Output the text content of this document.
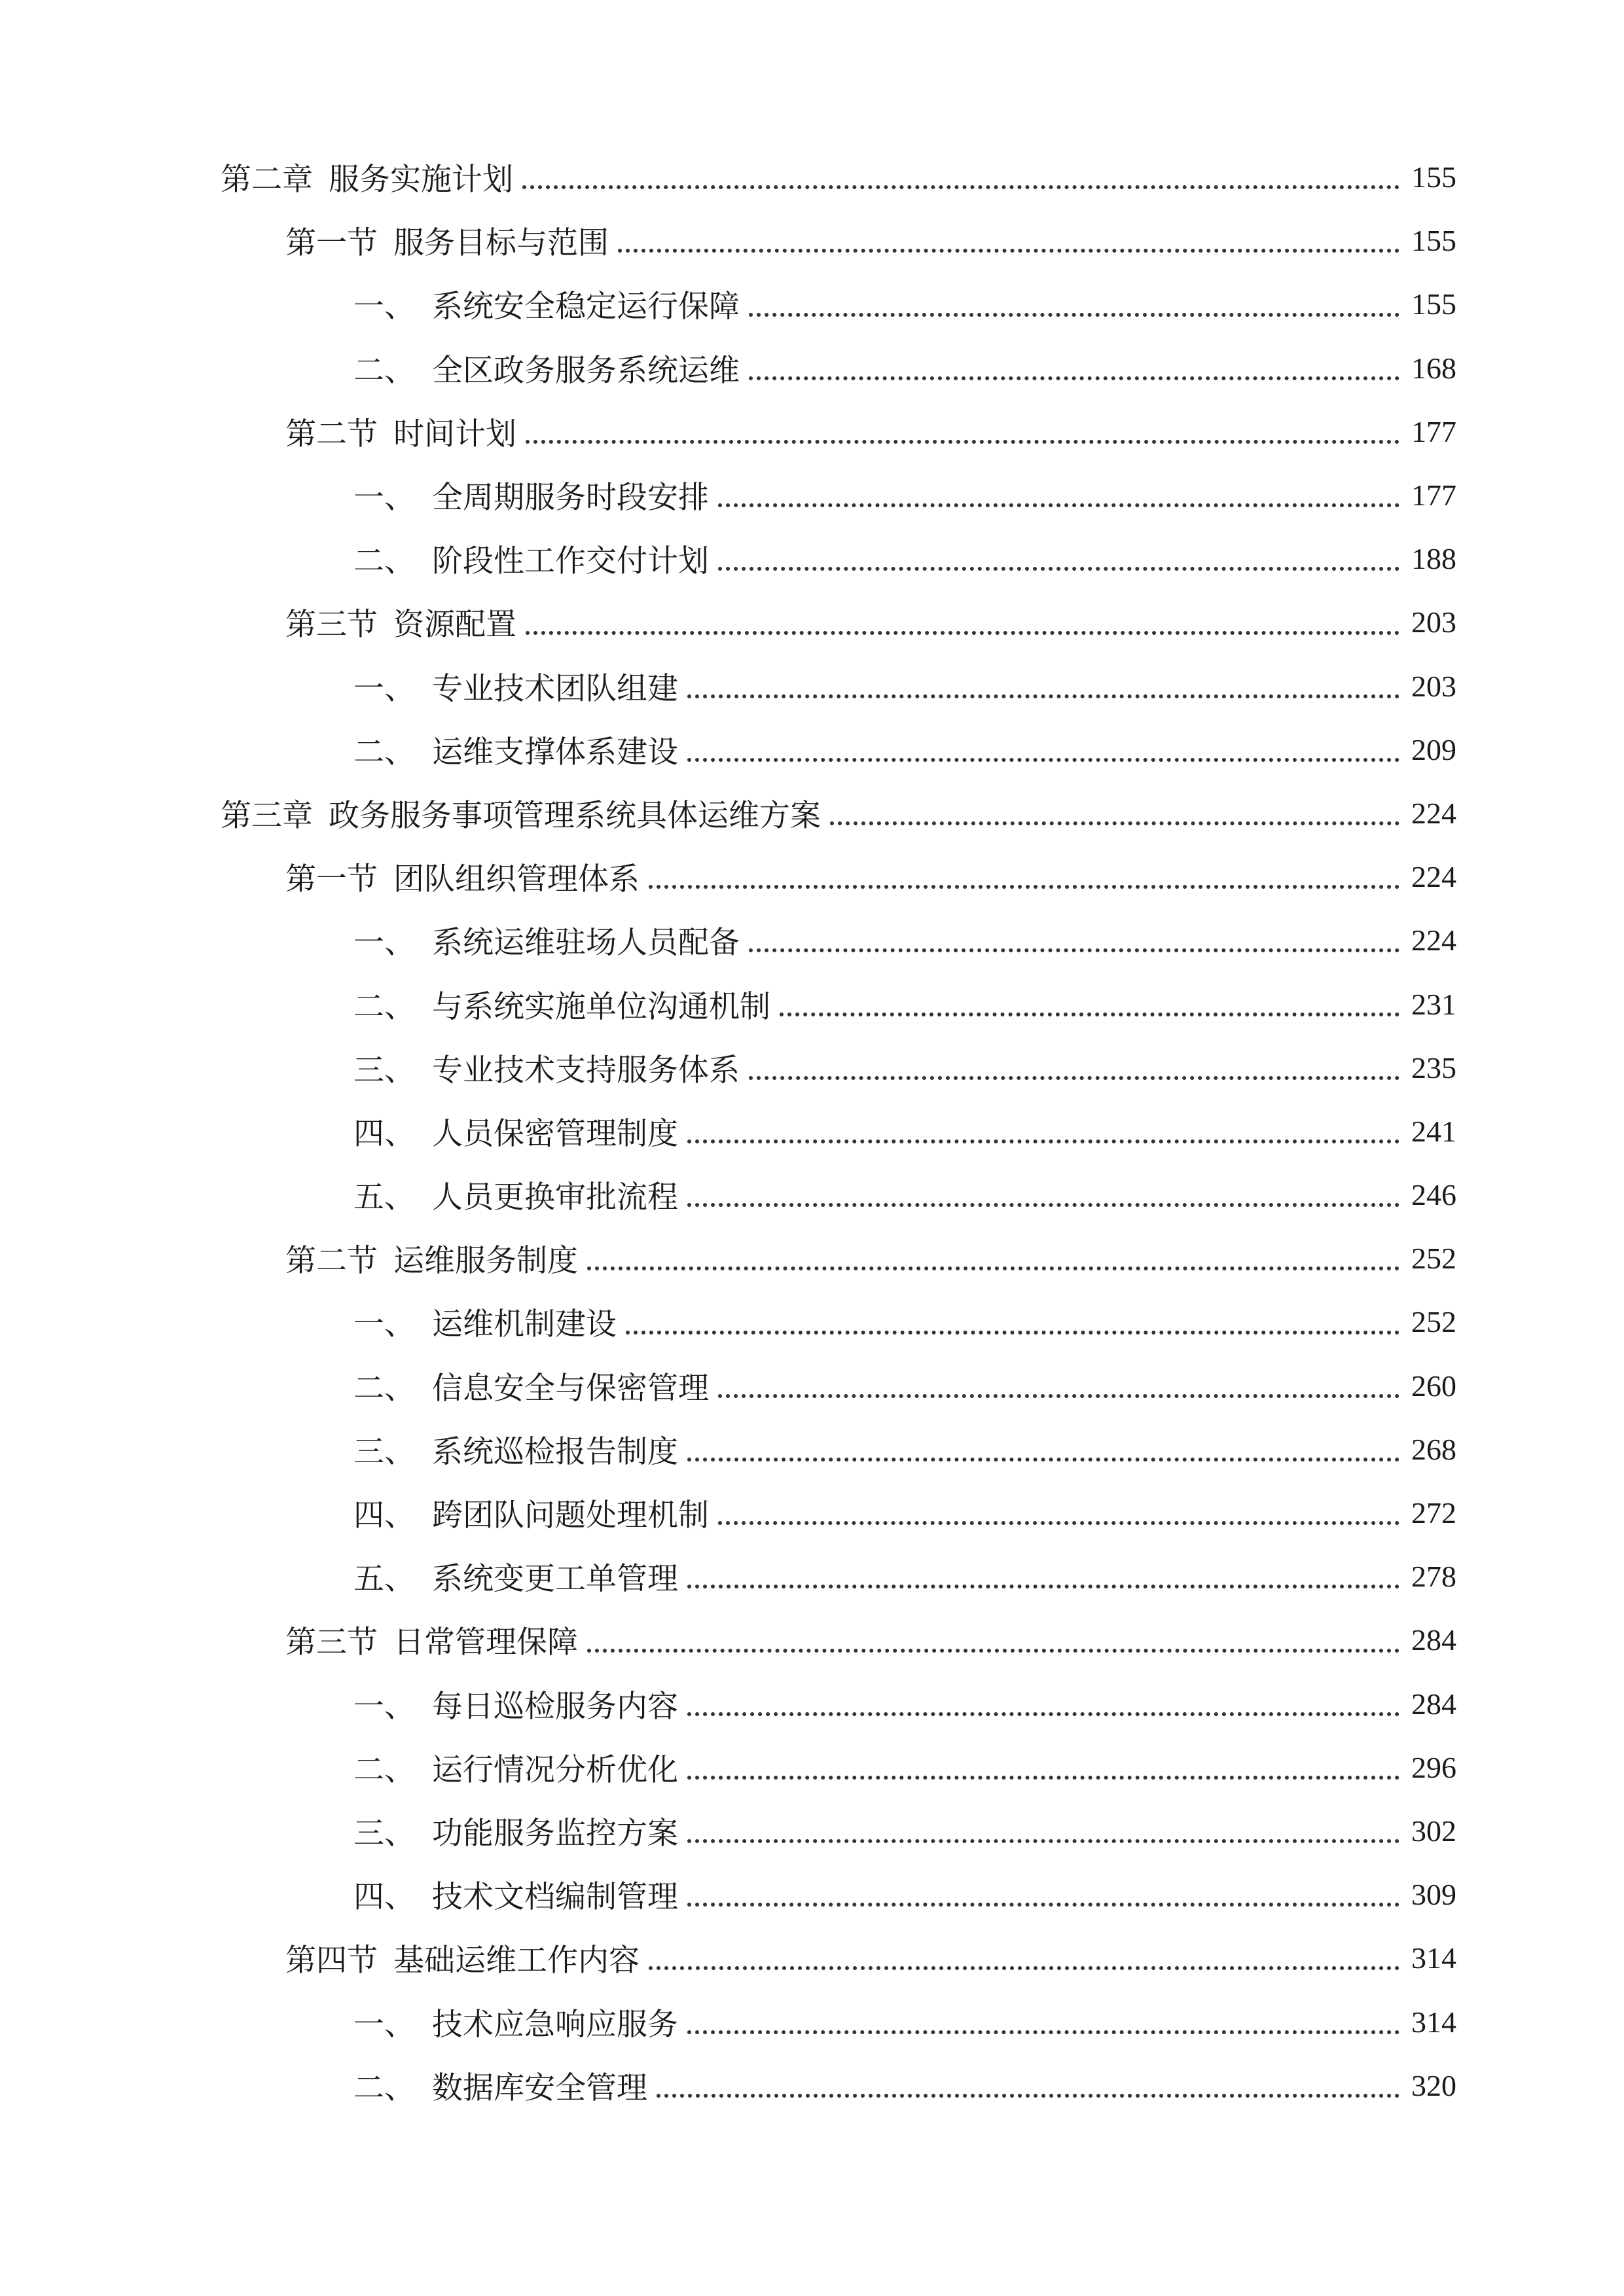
第二章 服务实施计划	155
第一节 服务目标与范围	155
一、 系统安全稳定运行保障	155
二、 全区政务服务系统运维	168
第二节 时间计划	177
一、 全周期服务时段安排	177
二、 阶段性工作交付计划	188
第三节 资源配置	203
一、 专业技术团队组建	203
二、 运维支撑体系建设	209
第三章 政务服务事项管理系统具体运维方案	224
第一节 团队组织管理体系	224
一、 系统运维驻场人员配备	224
二、 与系统实施单位沟通机制	231
三、 专业技术支持服务体系	235
四、 人员保密管理制度	241
五、 人员更换审批流程	246
第二节 运维服务制度	252
一、 运维机制建设	252
二、 信息安全与保密管理	260
三、 系统巡检报告制度	268
四、 跨团队问题处理机制	272
五、 系统变更工单管理	278
第三节 日常管理保障	284
一、 每日巡检服务内容	284
二、 运行情况分析优化	296
三、 功能服务监控方案	302
四、 技术文档编制管理	309
第四节 基础运维工作内容	314
一、 技术应急响应服务	314
二、 数据库安全管理	320
